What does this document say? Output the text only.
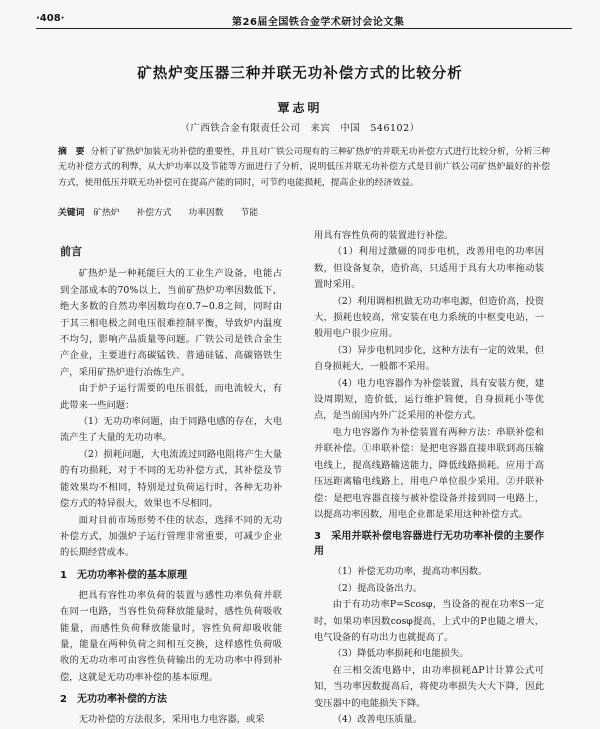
·408·	第26届全国铁合金学术研讨会论文集
矿热炉变压器三种并联无功补偿方式的比较分析
覃志明
（广西铁合金有限责任公司　来宾　中国　546102）
摘　要 分析了矿热炉加装无功补偿的重要性，并且对广铁公司现有的三种矿热炉的并联无功补偿方式进行比较分析，分析三种无功补偿方式的利弊，从大炉功率以及节能等方面进行了分析，说明低压并联无功补偿方式是目前广铁公司矿热炉最好的补偿方式，使用低压并联无功补偿可在提高产能的同时，可节约电能损耗，提高企业的经济效益。
关键词 矿热炉 补偿方式 功率因数 节能
前言

矿热炉是一种耗能巨大的工业生产设备，电能占到全部成本的70%以上，当前矿热炉功率因数低下，绝大多数的自然功率因数均在0.7~0.8之间，同时由于其三相电极之间电压很难控制平衡，导致炉内温度不均匀，影响产品质量等问题。广铁公司是铁合金生产企业，主要进行高碳锰铁、普通硅锰、高碳铬铁生产，采用矿热炉进行冶炼生产。

由于炉子运行需要的电压很低，而电流较大，有此带来一些问题：

（1）无功功率问题，由于同路电感的存在，大电流产生了大量的无功功率。

（2）损耗问题，大电流流过同路电阻将产生大量的有功损耗，对于不同的无功补偿方式，其补偿及节能效果均不相同，特别是过负荷运行时，各种无功补偿方式的特异很大，效果也不尽相同。

面对目前市场形势不佳的状态，选择不同的无功补偿方式，加强炉子运行管理非常重要，可减少企业的长期经营成本。

1　无功功率补偿的基本原理

把具有容性功率负荷的装置与感性功率负荷并联在同一电路，当容性负荷释放能量时，感性负荷吸收能量，而感性负荷释放能量时，容性负荷却吸收能量，能量在两种负荷之间相互交换，这样感性负荷吸收的无功功率可由容性负荷输出的无功功率中得到补偿，这就是无功功率补偿的基本原理。

2　无功功率补偿的方法

无功补偿的方法很多，采用电力电容器，或采

用具有容性负荷的装置进行补偿。

（1）利用过激磁的同步电机，改善用电的功率因数，但设备复杂，造价高，只适用于具有大功率拖动装置时采用。

（2）利用调相机做无功功率电源，但造价高，投资大，损耗也较高，常安装在电力系统的中枢变电站，一般用电户很少应用。

（3）异步电机同步化，这种方法有一定的效果，但自身损耗大，一般都不采用。

（4）电力电容器作为补偿装置，具有安装方便，建设周期短，造价低，运行维护简便，自身损耗小等优点，是当前国内外广泛采用的补偿方式。

电力电容器作为补偿装置有两种方法：串联补偿和并联补偿。①串联补偿：是把电容器直接串联到高压输电线上，提高线路输送能力，降低线路损耗。应用于高压远距离输电线路上，用电户单位很少采用。②并联补偿：是把电容器直接与被补偿设备并接到同一电路上，以提高功率因数，用电企业都是采用这种补偿方式。

3　采用并联补偿电容器进行无功功率补偿的主要作用

（1）补偿无功功率，提高功率因数。

（2）提高设备出力。

由于有功功率P=Scosφ，当设备的视在功率S一定时，如果功率因数cosφ提高，上式中的P也随之增大，电气设备的有功出力也就提高了。

（3）降低功率损耗和电能损失。

在三相交流电路中，由功率损耗ΔP计计算公式可知，当功率因数提高后，将使功率损失大大下降，因此变压器中的电能损失下降。

（4）改善电压质量。
